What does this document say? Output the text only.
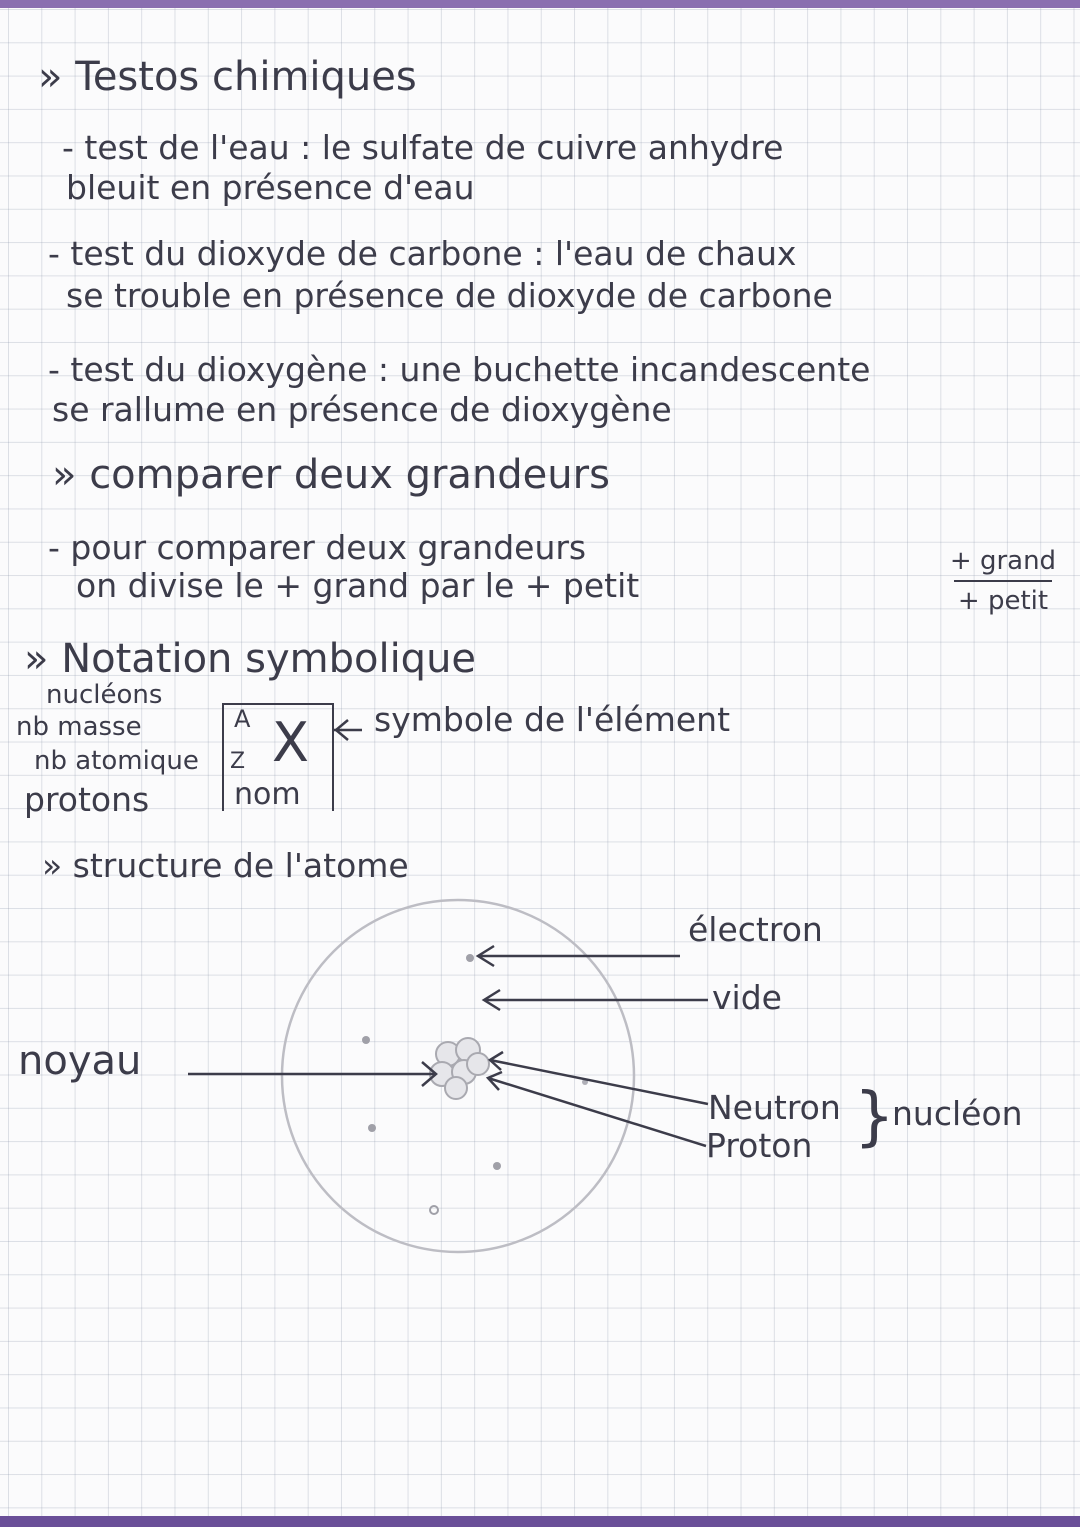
» Testos chimiques
- test de l'eau : le sulfate de cuivre anhydre
bleuit en présence d'eau
- test du dioxyde de carbone : l'eau de chaux
se trouble en présence de dioxyde de carbone
- test du dioxygène : une buchette incandescente
se rallume en présence de dioxygène
» comparer deux grandeurs
- pour comparer deux grandeurs
on divise le + grand par le + petit
+ grand
+ petit
» Notation symbolique
nucléons
nb masse
nb atomique
protons
A
Z X
nom
symbole de l'élément
» structure de l'atome
}
électron
vide
noyau
Neutron
Proton
nucléon
